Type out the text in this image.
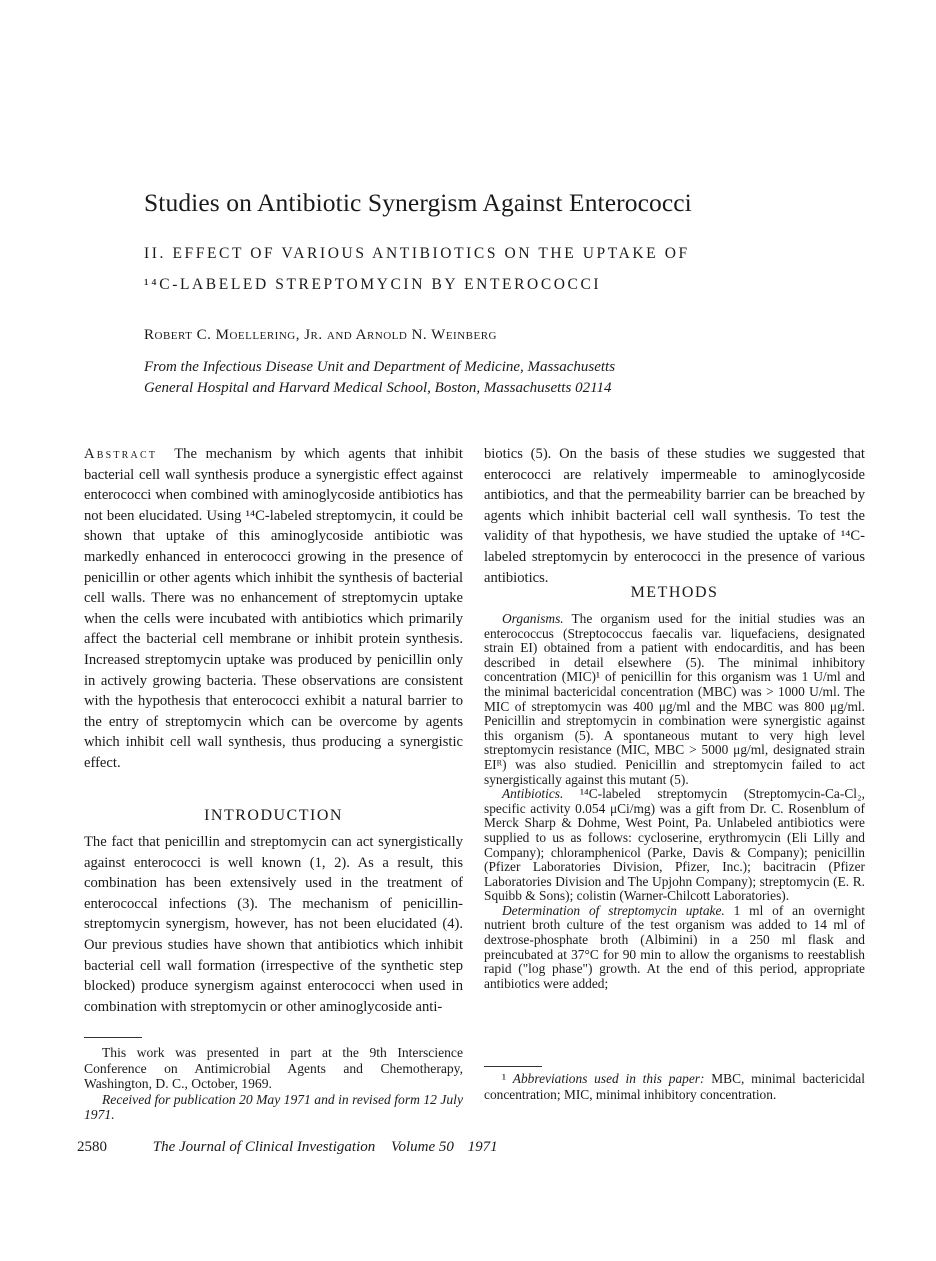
Studies on Antibiotic Synergism Against Enterococci
II. EFFECT OF VARIOUS ANTIBIOTICS ON THE UPTAKE OF
¹⁴C-LABELED STREPTOMYCIN BY ENTEROCOCCI
Robert C. Moellering, Jr. and Arnold N. Weinberg
From the Infectious Disease Unit and Department of Medicine, Massachusetts
General Hospital and Harvard Medical School, Boston, Massachusetts 02114

Abstract The mechanism by which agents that inhibit bacterial cell wall synthesis produce a synergistic effect against enterococci when combined with aminoglycoside antibiotics has not been elucidated. Using ¹⁴C-labeled streptomycin, it could be shown that uptake of this aminoglycoside antibiotic was markedly enhanced in enterococci growing in the presence of penicillin or other agents which inhibit the synthesis of bacterial cell walls. There was no enhancement of streptomycin uptake when the cells were incubated with antibiotics which primarily affect the bacterial cell membrane or inhibit protein synthesis. Increased streptomycin uptake was produced by penicillin only in actively growing bacteria. These observations are consistent with the hypothesis that enterococci exhibit a natural barrier to the entry of streptomycin which can be overcome by agents which inhibit cell wall synthesis, thus producing a synergistic effect.

INTRODUCTION

The fact that penicillin and streptomycin can act synergistically against enterococci is well known (1, 2). As a result, this combination has been extensively used in the treatment of enterococcal infections (3). The mechanism of penicillin-streptomycin synergism, however, has not been elucidated (4). Our previous studies have shown that antibiotics which inhibit bacterial cell wall formation (irrespective of the synthetic step blocked) produce synergism against enterococci when used in combination with streptomycin or other aminoglycoside anti-

This work was presented in part at the 9th Interscience Conference on Antimicrobial Agents and Chemotherapy, Washington, D. C., October, 1969.

Received for publication 20 May 1971 and in revised form 12 July 1971.

biotics (5). On the basis of these studies we suggested that enterococci are relatively impermeable to aminoglycoside antibiotics, and that the permeability barrier can be breached by agents which inhibit bacterial cell wall synthesis. To test the validity of that hypothesis, we have studied the uptake of ¹⁴C-labeled streptomycin by enterococci in the presence of various antibiotics.

METHODS

Organisms. The organism used for the initial studies was an enterococcus (Streptococcus faecalis var. liquefaciens, designated strain EI) obtained from a patient with endocarditis, and has been described in detail elsewhere (5). The minimal inhibitory concentration (MIC)¹ of penicillin for this organism was 1 U/ml and the minimal bactericidal concentration (MBC) was > 1000 U/ml. The MIC of streptomycin was 400 μg/ml and the MBC was 800 μg/ml. Penicillin and streptomycin in combination were synergistic against this organism (5). A spontaneous mutant to very high level streptomycin resistance (MIC, MBC > 5000 μg/ml, designated strain EIᴿ) was also studied. Penicillin and streptomycin failed to act synergistically against this mutant (5).

Antibiotics. ¹⁴C-labeled streptomycin (Streptomycin-Ca-Cl₂, specific activity 0.054 μCi/mg) was a gift from Dr. C. Rosenblum of Merck Sharp & Dohme, West Point, Pa. Unlabeled antibiotics were supplied to us as follows: cycloserine, erythromycin (Eli Lilly and Company); chloramphenicol (Parke, Davis & Company); penicillin (Pfizer Laboratories Division, Pfizer, Inc.); bacitracin (Pfizer Laboratories Division and The Upjohn Company); streptomycin (E. R. Squibb & Sons); colistin (Warner-Chilcott Laboratories).

Determination of streptomycin uptake. 1 ml of an overnight nutrient broth culture of the test organism was added to 14 ml of dextrose-phosphate broth (Albimini) in a 250 ml flask and preincubated at 37°C for 90 min to allow the organisms to reestablish rapid ("log phase") growth. At the end of this period, appropriate antibiotics were added;

¹ Abbreviations used in this paper: MBC, minimal bactericidal concentration; MIC, minimal inhibitory concentration.
2580	The Journal of Clinical Investigation Volume 50 1971
